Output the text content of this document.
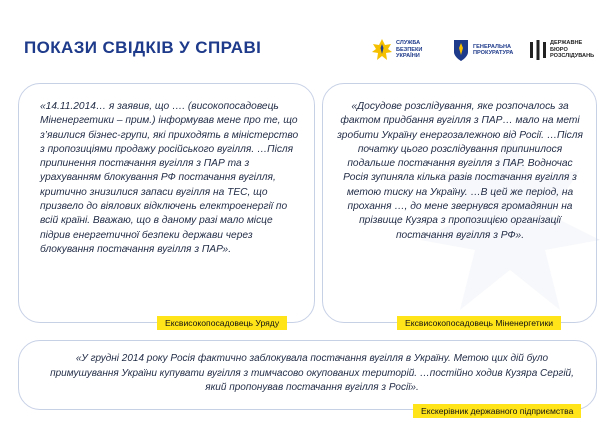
ПОКАЗИ СВІДКІВ У СПРАВІ	СЛУЖБА БЕЗПЕКИ УКРАЇНИ
ГЕНЕРАЛЬНА ПРОКУРАТУРА
ДЕРЖАВНЕ БЮРО РОЗСЛІДУВАНЬ
«14.11.2014… я заявив, що …. (високопосадовець Міненергетики – прим.) інформував мене про те, що з’явилися бізнес-групи, які приходять в міністерство з пропозиціями продажу російського вугілля. …Після припинення постачання вугілля з ПАР та з урахуванням блокування РФ постачання вугілля, критично знизилися запаси вугілля на ТЕС, що призвело до віялових відключень електроенергії по всій країні. Вважаю, що в даному разі мало місце підрив енергетичної безпеки держави через блокування постачання вугілля з ПАР».
Ексвисокопосадовець Уряду
«Досудове розслідування, яке розпочалось за фактом придбання вугілля з ПАР… мало на меті зробити Україну енергозалежною від Росії. …Після початку цього розслідування припинилося подальше постачання вугілля з ПАР. Водночас Росія зупиняла кілька разів постачання вугілля з метою тиску на Україну. …В цей же період, на прохання …, до мене звернувся громадянин на прізвище Кузяра з пропозицією організації постачання вугілля з РФ».
Ексвисокопосадовець Міненергетики
«У грудні 2014 року Росія фактично заблокувала постачання вугілля в Україну. Метою цих дій було примушування України купувати вугілля з тимчасово окупованих територій. …постійно ходив Кузяра Сергій, який пропонував постачання вугілля з Росії».
Екскерівник державного підприємства
